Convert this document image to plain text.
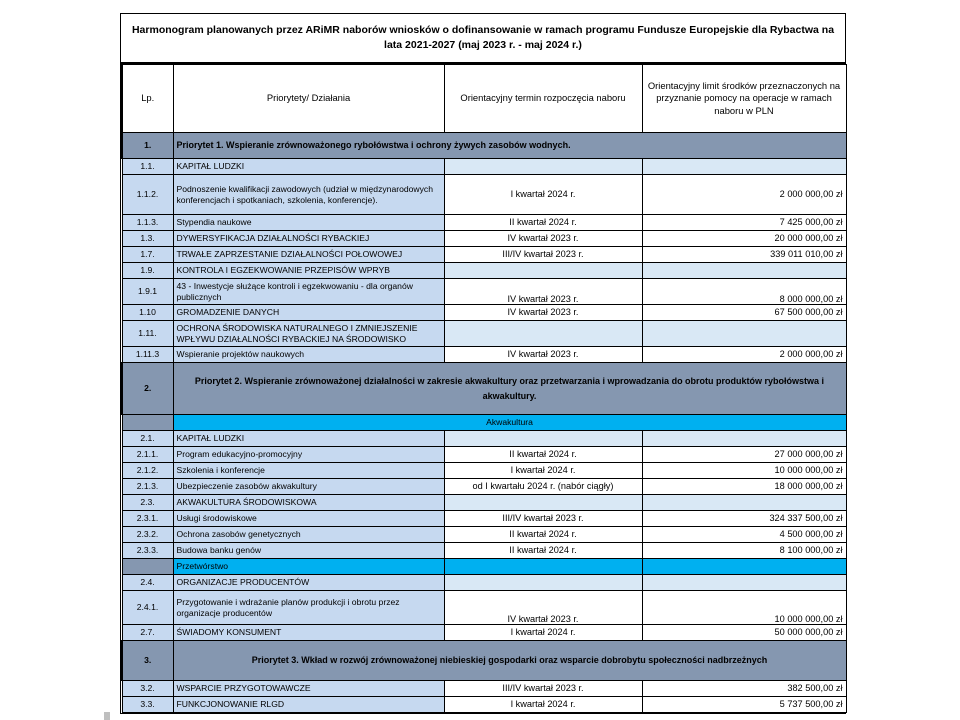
Harmonogram planowanych przez ARiMR naborów wniosków o dofinansowanie w ramach programu Fundusze Europejskie dla Rybactwa na lata 2021-2027 (maj 2023 r. - maj 2024 r.)
Lp.	Priorytety/ Działania	Orientacyjny termin rozpoczęcia naboru	Orientacyjny limit środków przeznaczonych na przyznanie pomocy na operacje w ramach naboru w PLN
1.	Priorytet 1. Wspieranie zrównoważonego rybołówstwa i ochrony żywych zasobów wodnych.		
1.1.	KAPITAŁ LUDZKI		
1.1.2.	Podnoszenie kwalifikacji zawodowych (udział w międzynarodowych konferencjach i spotkaniach, szkolenia, konferencje).	I kwartał 2024 r.	2 000 000,00 zł
1.1.3.	Stypendia naukowe	II kwartał 2024 r.	7 425 000,00 zł
1.3.	DYWERSYFIKACJA DZIAŁALNOŚCI RYBACKIEJ	IV kwartał 2023 r.	20 000 000,00 zł
1.7.	TRWAŁE ZAPRZESTANIE DZIAŁALNOŚCI POŁOWOWEJ	III/IV kwartał 2023 r.	339 011 010,00 zł
1.9.	KONTROLA I EGZEKWOWANIE PRZEPISÓW WPRYB		
1.9.1	43 - Inwestycje służące kontroli i egzekwowaniu - dla organów publicznych	IV kwartał 2023 r.	8 000 000,00 zł
1.10	GROMADZENIE DANYCH	IV kwartał 2023 r.	67 500 000,00 zł
1.11.	OCHRONA ŚRODOWISKA NATURALNEGO I ZMNIEJSZENIE WPŁYWU DZIAŁALNOŚCI RYBACKIEJ NA ŚRODOWISKO		
1.11.3	Wspieranie projektów naukowych	IV kwartał 2023 r.	2 000 000,00 zł
2.	Priorytet 2. Wspieranie zrównoważonej działalności w zakresie akwakultury oraz przetwarzania i wprowadzania do obrotu produktów rybołówstwa i akwakultury.		
	Akwakultura		
2.1.	KAPITAŁ LUDZKI		
2.1.1.	Program edukacyjno-promocyjny	II kwartał 2024 r.	27 000 000,00 zł
2.1.2.	Szkolenia i konferencje	I kwartał 2024 r.	10 000 000,00 zł
2.1.3.	Ubezpieczenie zasobów akwakultury	od I kwartału 2024 r. (nabór ciągły)	18 000 000,00 zł
2.3.	AKWAKULTURA ŚRODOWISKOWA		
2.3.1.	Usługi środowiskowe	III/IV kwartał 2023 r.	324 337 500,00 zł
2.3.2.	Ochrona zasobów genetycznych	II kwartał 2024 r.	4 500 000,00 zł
2.3.3.	Budowa banku genów	II kwartał 2024 r.	8 100 000,00 zł
	Przetwórstwo		
2.4.	ORGANIZACJE PRODUCENTÓW		
2.4.1.	Przygotowanie i wdrażanie planów produkcji i obrotu przez organizacje producentów	IV kwartał 2023 r.	10 000 000,00 zł
2.7.	ŚWIADOMY KONSUMENT	I kwartał 2024 r.	50 000 000,00 zł
3.	Priorytet 3. Wkład w rozwój zrównoważonej niebieskiej gospodarki oraz wsparcie dobrobytu społeczności nadbrzeżnych		
3.2.	WSPARCIE PRZYGOTOWAWCZE	III/IV kwartał 2023 r.	382 500,00 zł
3.3.	FUNKCJONOWANIE RLGD	I kwartał 2024 r.	5 737 500,00 zł
